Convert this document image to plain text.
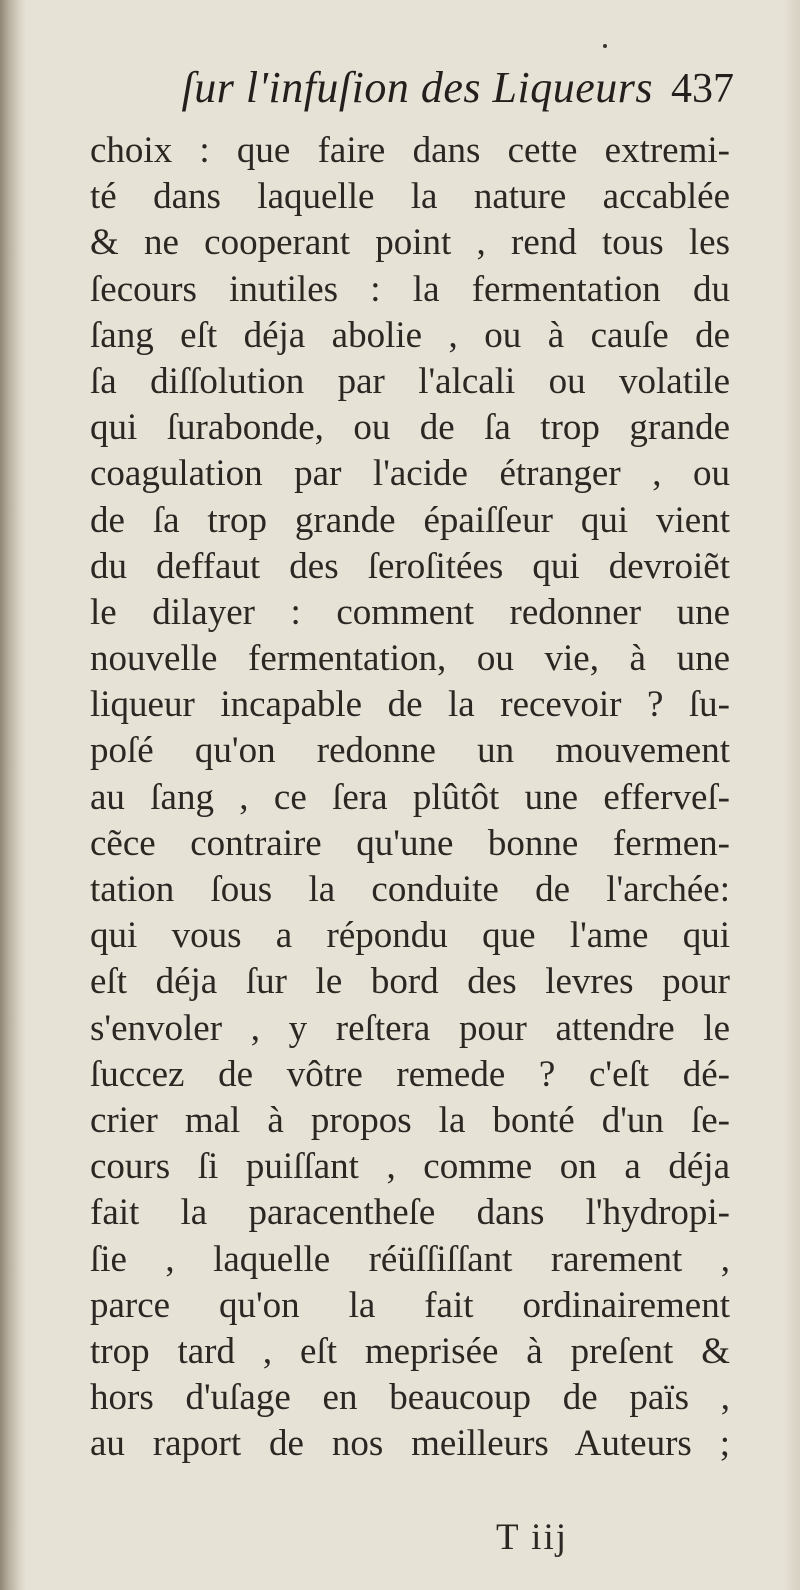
ſur l'infuſion des Liqueurs 437
choix : que faire dans cette extremi-
té dans laquelle la nature accablée
& ne cooperant point , rend tous les
ſecours inutiles : la fermentation du
ſang eſt déja abolie , ou à cauſe de
ſa diſſolution par l'alcali ou volatile
qui ſurabonde, ou de ſa trop grande
coagulation par l'acide étranger , ou
de ſa trop grande épaiſſeur qui vient
du deffaut des ſeroſitées qui devroiẽt
le dilayer : comment redonner une
nouvelle fermentation, ou vie, à une
liqueur incapable de la recevoir ? ſu-
poſé qu'on redonne un mouvement
au ſang , ce ſera plûtôt une efferveſ-
cẽce contraire qu'une bonne fermen-
tation ſous la conduite de l'archée:
qui vous a répondu que l'ame qui
eſt déja ſur le bord des levres pour
s'envoler , y reſtera pour attendre le
ſuccez de vôtre remede ? c'eſt dé-
crier mal à propos la bonté d'un ſe-
cours ſi puiſſant , comme on a déja
fait la paracentheſe dans l'hydropi-
ſie , laquelle réüſſiſſant rarement ,
parce qu'on la fait ordinairement
trop tard , eſt meprisée à preſent &
hors d'uſage en beaucoup de païs ,
au raport de nos meilleurs Auteurs ;
T iij
